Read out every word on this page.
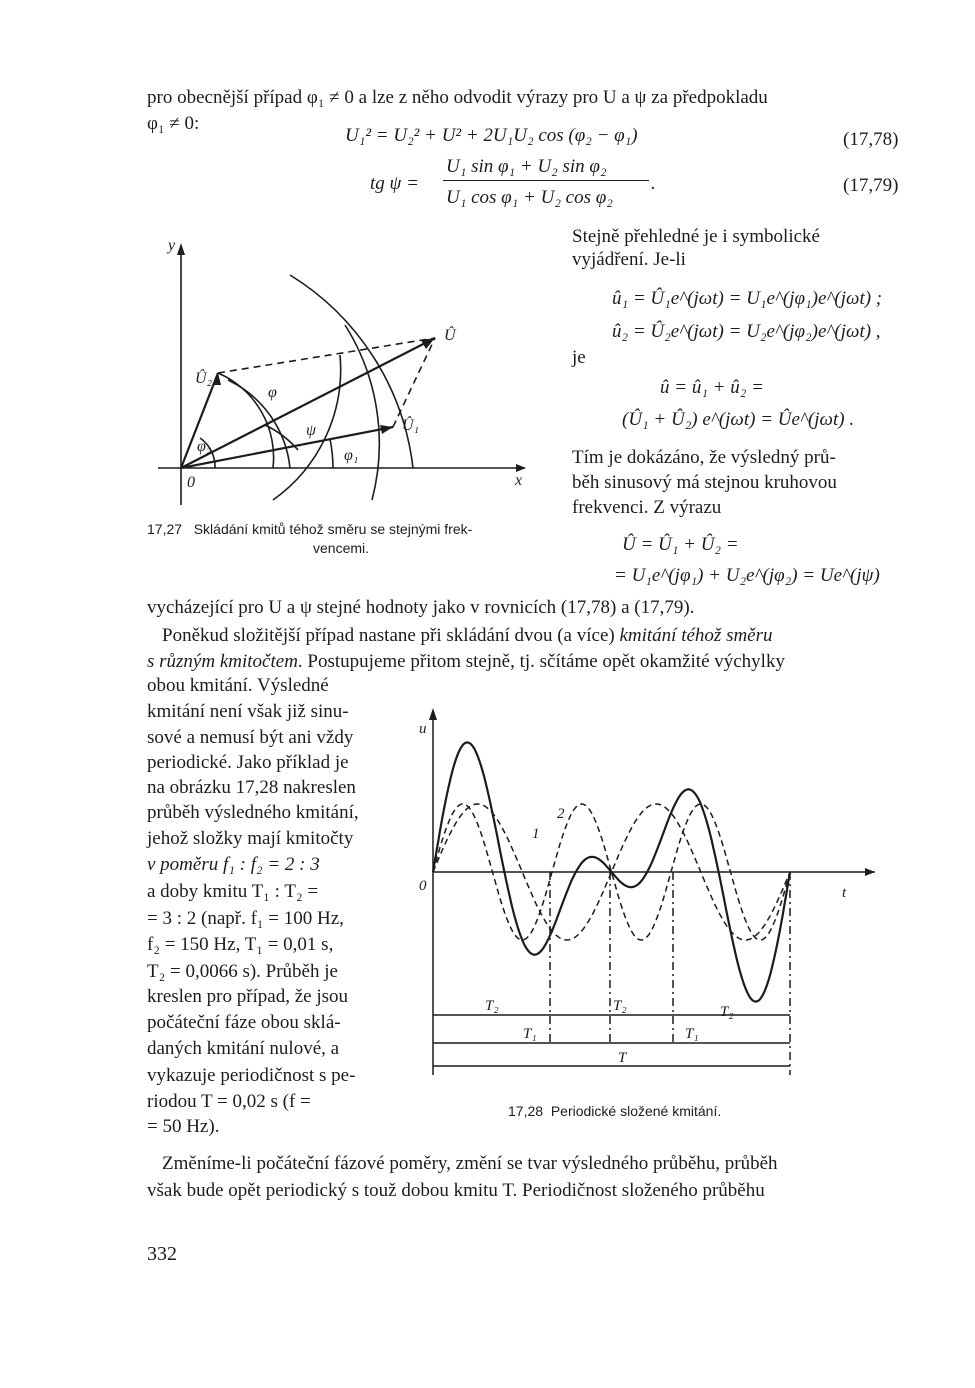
pro obecnější případ φ₁ ≠ 0 a lze z něho odvodit výrazy pro U a ψ za předpokladu
φ₁ ≠ 0:
U₁² = U₂² + U² + 2U₁U₂ cos (φ₂ − φ₁)	(17,78)
tg ψ =
U₁ sin φ₁ + U₂ sin φ₂
U₁ cos φ₁ + U₂ cos φ₂
.	(17,79)
y
x
0
Û
Û₁
Û₂
φ
ψ
φ₁
φ₂
17,27 Skládání kmitů téhož směru se stejnými frek-
vencemi.
Stejně přehledné je i symbolické
vyjádření. Je-li
û₁ = Û₁e^(jωt) = U₁e^(jφ₁)e^(jωt) ;
û₂ = Û₂e^(jωt) = U₂e^(jφ₂)e^(jωt) ,
je
û = û₁ + û₂ =
(Û₁ + Û₂) e^(jωt) = Ûe^(jωt) .
Tím je dokázáno, že výsledný prů-
běh sinusový má stejnou kruhovou
frekvenci. Z výrazu
Û = Û₁ + Û₂ =
= U₁e^(jφ₁) + U₂e^(jφ₂) = Ue^(jψ)
vycházející pro U a ψ stejné hodnoty jako v rovnicích (17,78) a (17,79).
Poněkud složitější případ nastane při skládání dvou (a více) kmitání téhož směru
s různým kmitočtem. Postupujeme přitom stejně, tj. sčítáme opět okamžité výchylky
obou kmitání. Výsledné
kmitání není však již sinu-
sové a nemusí být ani vždy
periodické. Jako příklad je
na obrázku 17,28 nakreslen
průběh výsledného kmitání,
jehož složky mají kmitočty
v poměru f₁ : f₂ = 2 : 3
a doby kmitu T₁ : T₂ =
= 3 : 2 (např. f₁ = 100 Hz,
f₂ = 150 Hz, T₁ = 0,01 s,
T₂ = 0,0066 s). Průběh je
kreslen pro případ, že jsou
počáteční fáze obou sklá-
daných kmitání nulové, a
vykazuje periodičnost s pe-
riodou T = 0,02 s (f =
= 50 Hz).
u
t
0
1
2
T₂	T₂	T₂
T₁	T₁
T
17,28 Periodické složené kmitání.
Změníme-li počáteční fázové poměry, změní se tvar výsledného průběhu, průběh
však bude opět periodický s touž dobou kmitu T. Periodičnost složeného průběhu
332
